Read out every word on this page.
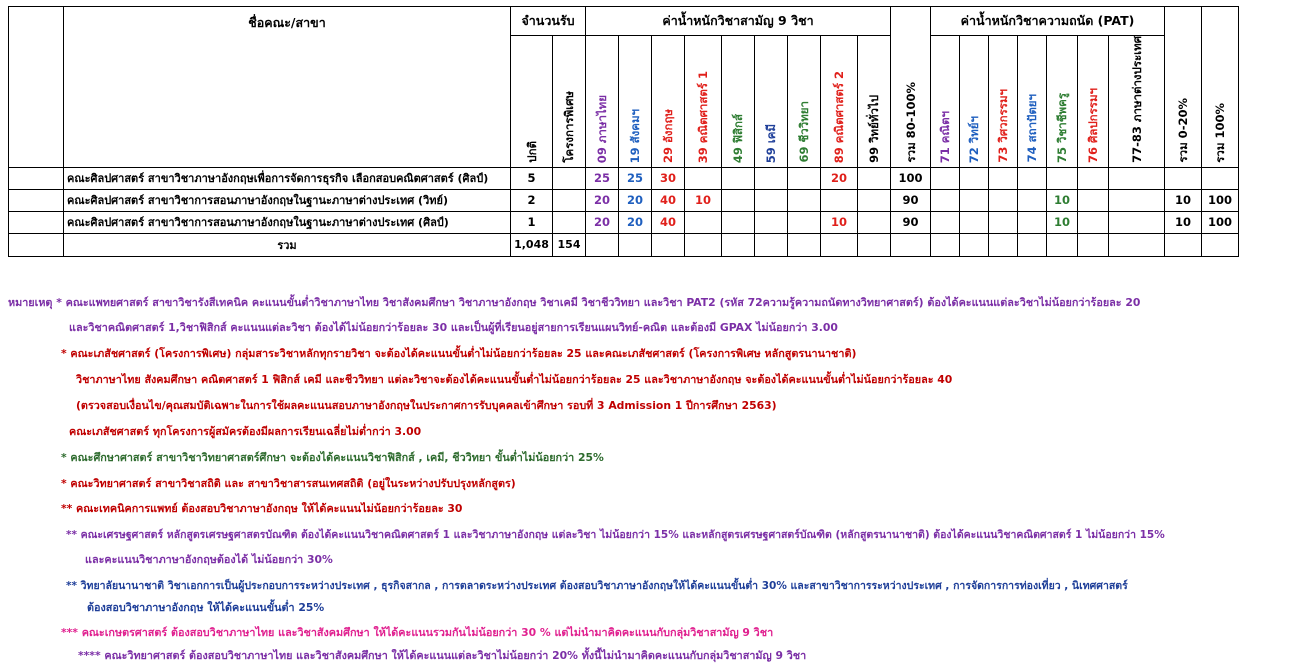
	ชื่อคณะ/สาขา	จำนวนรับ		ค่าน้ำหนักวิชาสามัญ 9 วิชา									รวม 80-100%	ค่าน้ำหนักวิชาความถนัด (PAT)							รวม 0-20%	รวม 100%

		ปกติ	โครงการพิเศษ	09 ภาษาไทย	19 สังคมฯ	29 อังกฤษ	39 คณิตศาสตร์ 1	49 ฟิสิกส์	59 เคมี	69 ชีววิทยา	89 คณิตศาสตร์ 2	99 วิทย์ทั่วไป		71 คณิตฯ	72 วิทย์ฯ	73 วิศวกรรมฯ	74 สถาปัตยฯ	75 วิชาชีพครู	76 ศิลปกรรมฯ	77-83 ภาษาต่างประเทศ		

	คณะศิลปศาสตร์ สาขาวิชาภาษาอังกฤษเพื่อการจัดการธุรกิจ เลือกสอบคณิตศาสตร์ (ศิลป์)	5		25	25	30					20		100									
	คณะศิลปศาสตร์ สาขาวิชาการสอนภาษาอังกฤษในฐานะภาษาต่างประเทศ (วิทย์)	2		20	20	40	10						90					10			10	100
	คณะศิลปศาสตร์ สาขาวิชาการสอนภาษาอังกฤษในฐานะภาษาต่างประเทศ (ศิลป์)	1		20	20	40					10		90					10			10	100
	รวม	1,048	154																			
หมายเหตุ * คณะแพทยศาสตร์ สาขาวิชารังสีเทคนิค คะแนนขั้นต่ำวิชาภาษาไทย วิชาสังคมศึกษา วิชาภาษาอังกฤษ วิชาเคมี วิชาชีววิทยา และวิชา PAT2 (รหัส 72ความรู้ความถนัดทางวิทยาศาสตร์) ต้องได้คะแนนแต่ละวิชาไม่น้อยกว่าร้อยละ 20
และวิชาคณิตศาสตร์ 1,วิชาฟิสิกส์ คะแนนแต่ละวิชา ต้องได้ไม่น้อยกว่าร้อยละ 30 และเป็นผู้ที่เรียนอยู่สายการเรียนแผนวิทย์-คณิต และต้องมี GPAX ไม่น้อยกว่า 3.00
* คณะเภสัชศาสตร์ (โครงการพิเศษ) กลุ่มสาระวิชาหลักทุกรายวิชา จะต้องได้คะแนนขั้นต่ำไม่น้อยกว่าร้อยละ 25 และคณะเภสัชศาสตร์ (โครงการพิเศษ หลักสูตรนานาชาติ)
วิชาภาษาไทย สังคมศึกษา คณิตศาสตร์ 1 ฟิสิกส์ เคมี และชีววิทยา แต่ละวิชาจะต้องได้คะแนนขั้นต่ำไม่น้อยกว่าร้อยละ 25 และวิชาภาษาอังกฤษ จะต้องได้คะแนนขั้นต่ำไม่น้อยกว่าร้อยละ 40
(ตรวจสอบเงื่อนไข/คุณสมบัติเฉพาะในการใช้ผลคะแนนสอบภาษาอังกฤษในประกาศการรับบุคคลเข้าศึกษา รอบที่ 3 Admission 1 ปีการศึกษา 2563)
คณะเภสัชศาสตร์ ทุกโครงการผู้สมัครต้องมีผลการเรียนเฉลี่ยไม่ต่ำกว่า 3.00
* คณะศึกษาศาสตร์ สาขาวิชาวิทยาศาสตร์ศึกษา จะต้องได้คะแนนวิชาฟิสิกส์ , เคมี, ชีววิทยา ขั้นต่ำไม่น้อยกว่า 25%
* คณะวิทยาศาสตร์ สาขาวิชาสถิติ และ สาขาวิชาสารสนเทศสถิติ (อยู่ในระหว่างปรับปรุงหลักสูตร)
** คณะเทคนิคการแพทย์ ต้องสอบวิชาภาษาอังกฤษ ให้ได้คะแนนไม่น้อยกว่าร้อยละ 30
** คณะเศรษฐศาสตร์ หลักสูตรเศรษฐศาสตรบัณฑิต ต้องได้คะแนนวิชาคณิตศาสตร์ 1 และวิชาภาษาอังกฤษ แต่ละวิชา ไม่น้อยกว่า 15% และหลักสูตรเศรษฐศาสตร์บัณฑิต (หลักสูตรนานาชาติ) ต้องได้คะแนนวิชาคณิตศาสตร์ 1 ไม่น้อยกว่า 15%
และคะแนนวิชาภาษาอังกฤษต้องได้ ไม่น้อยกว่า 30%
** วิทยาลัยนานาชาติ วิชาเอกการเป็นผู้ประกอบการระหว่างประเทศ , ธุรกิจสากล , การตลาดระหว่างประเทศ ต้องสอบวิชาภาษาอังกฤษให้ได้คะแนนขั้นต่ำ 30% และสาขาวิชาการระหว่างประเทศ , การจัดการการท่องเที่ยว , นิเทศศาสตร์
ต้องสอบวิชาภาษาอังกฤษ ให้ได้คะแนนขั้นต่ำ 25%
*** คณะเกษตรศาสตร์ ต้องสอบวิชาภาษาไทย และวิชาสังคมศึกษา ให้ได้คะแนนรวมกันไม่น้อยกว่า 30 % แต่ไม่นำมาคิดคะแนนกับกลุ่มวิชาสามัญ 9 วิชา
**** คณะวิทยาศาสตร์ ต้องสอบวิชาภาษาไทย และวิชาสังคมศึกษา ให้ได้คะแนนแต่ละวิชาไม่น้อยกว่า 20% ทั้งนี้ไม่นำมาคิดคะแนนกับกลุ่มวิชาสามัญ 9 วิชา
